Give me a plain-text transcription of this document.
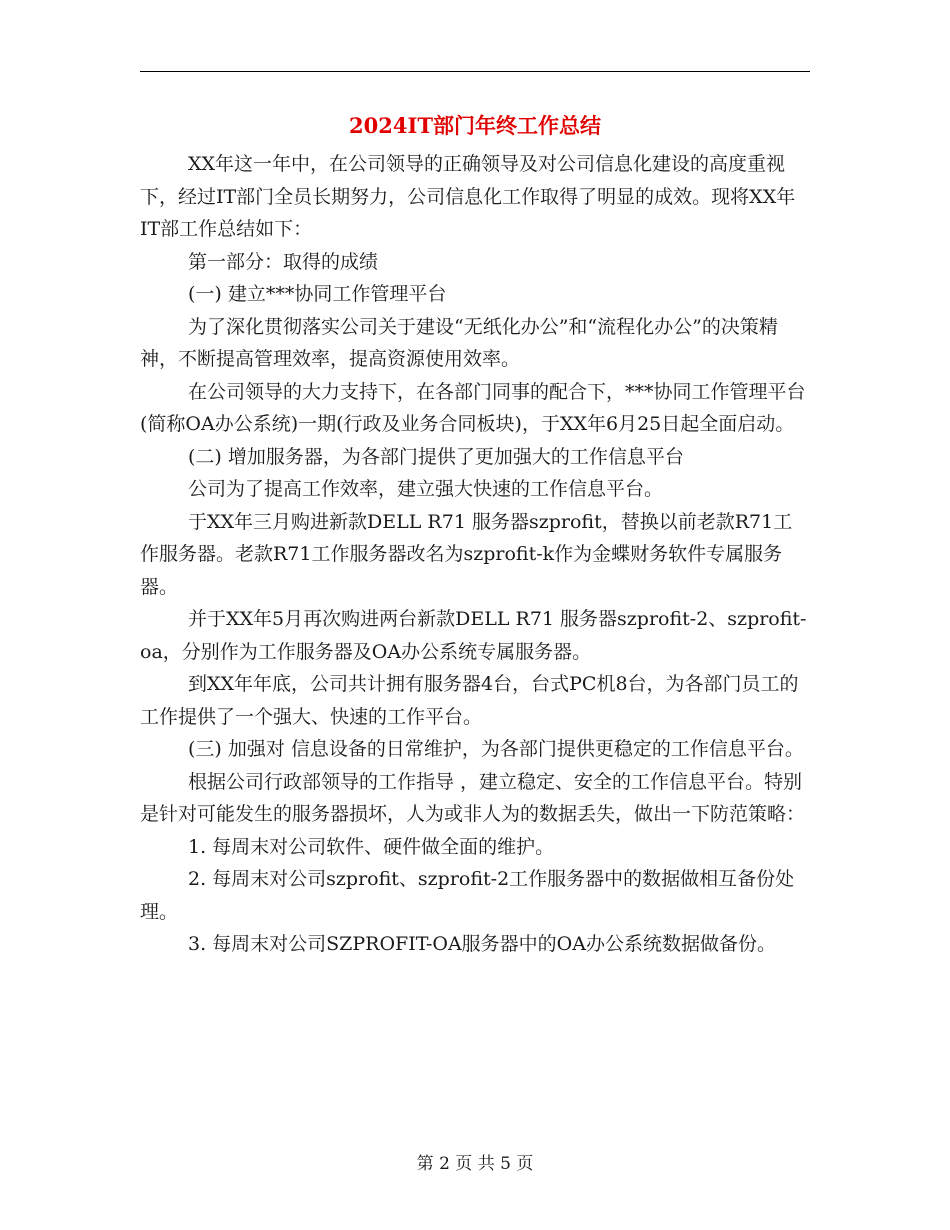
2024IT部门年终工作总结

XX年这一年中，在公司领导的正确领导及对公司信息化建设的高度重视下，经过IT部门全员长期努力，公司信息化工作取得了明显的成效。现将XX年IT部工作总结如下：

第一部分：取得的成绩

(一) 建立***协同工作管理平台

为了深化贯彻落实公司关于建设“无纸化办公”和“流程化办公”的决策精神，不断提高管理效率，提高资源使用效率。

在公司领导的大力支持下，在各部门同事的配合下，***协同工作管理平台(简称OA办公系统)一期(行政及业务合同板块)，于XX年6月25日起全面启动。

(二) 增加服务器，为各部门提供了更加强大的工作信息平台

公司为了提高工作效率，建立强大快速的工作信息平台。

于XX年三月购进新款DELL R71 服务器szprofit，替换以前老款R71工作服务器。老款R71工作服务器改名为szprofit-k作为金蝶财务软件专属服务器。

并于XX年5月再次购进两台新款DELL R71 服务器szprofit-2、szprofit-oa，分别作为工作服务器及OA办公系统专属服务器。

到XX年年底，公司共计拥有服务器4台，台式PC机8台，为各部门员工的工作提供了一个强大、快速的工作平台。

(三) 加强对 信息设备的日常维护，为各部门提供更稳定的工作信息平台。

根据公司行政部领导的工作指导 ，建立稳定、安全的工作信息平台。特别是针对可能发生的服务器损坏，人为或非人为的数据丢失，做出一下防范策略：

1. 每周末对公司软件、硬件做全面的维护。

2. 每周末对公司szprofit、szprofit-2工作服务器中的数据做相互备份处理。

3. 每周末对公司SZPROFIT-OA服务器中的OA办公系统数据做备份。

第 2 页 共 5 页
